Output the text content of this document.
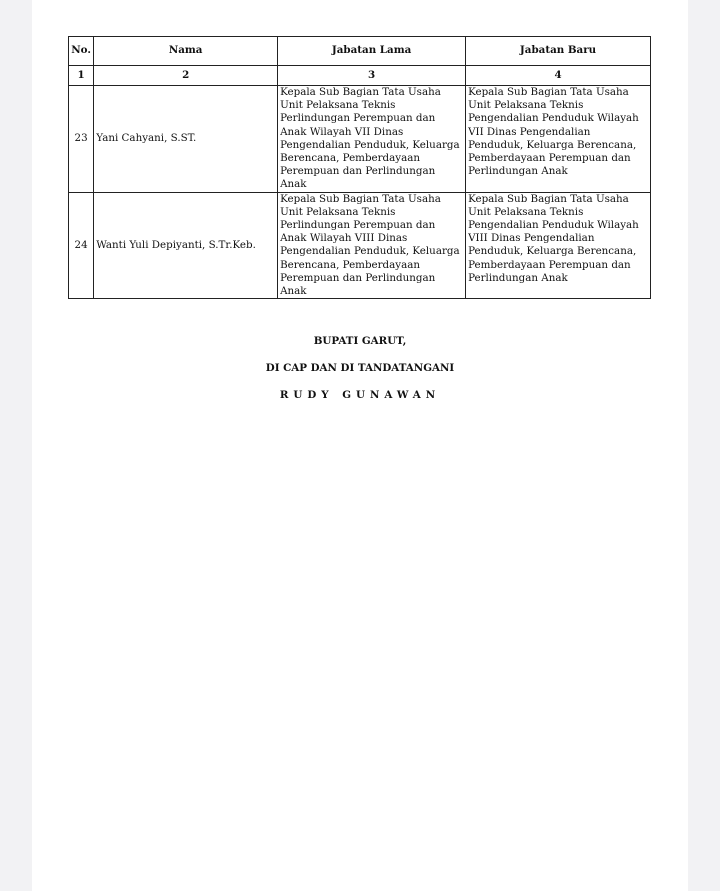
No.	Nama	Jabatan Lama	Jabatan Baru
1	2	3	4
23	Yani Cahyani, S.ST.	Kepala Sub Bagian Tata Usaha Unit Pelaksana Teknis Perlindungan Perempuan dan Anak Wilayah VII Dinas Pengendalian Penduduk, Keluarga Berencana, Pemberdayaan Perempuan dan Perlindungan Anak	Kepala Sub Bagian Tata Usaha Unit Pelaksana Teknis Pengendalian Penduduk Wilayah VII Dinas Pengendalian Penduduk, Keluarga Berencana, Pemberdayaan Perempuan dan Perlindungan Anak
24	Wanti Yuli Depiyanti, S.Tr.Keb.	Kepala Sub Bagian Tata Usaha Unit Pelaksana Teknis Perlindungan Perempuan dan Anak Wilayah VIII Dinas Pengendalian Penduduk, Keluarga Berencana, Pemberdayaan Perempuan dan Perlindungan Anak	Kepala Sub Bagian Tata Usaha Unit Pelaksana Teknis Pengendalian Penduduk Wilayah VIII Dinas Pengendalian Penduduk, Keluarga Berencana, Pemberdayaan Perempuan dan Perlindungan Anak
BUPATI GARUT,
DI CAP DAN DI TANDATANGANI
RUDY GUNAWAN
